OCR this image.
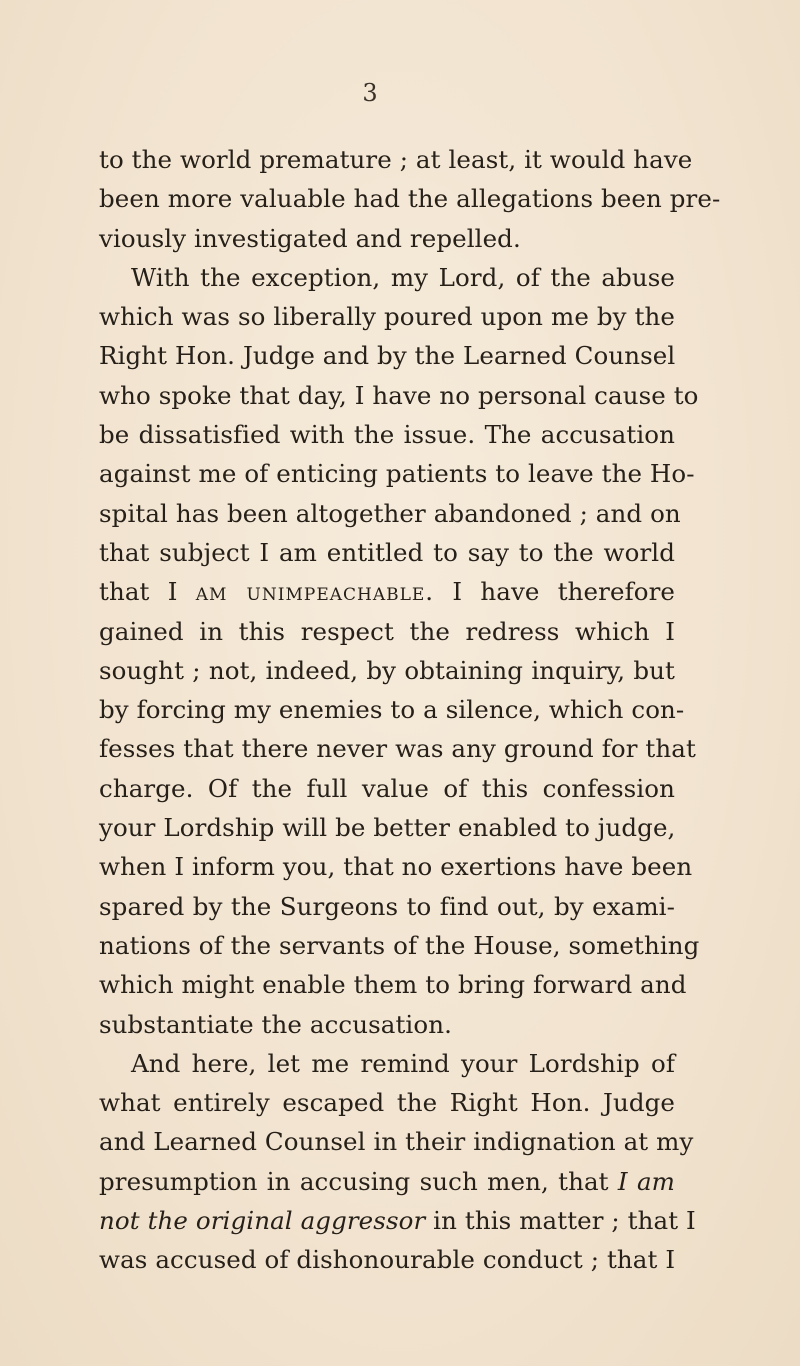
3
to the world premature ; at least, it would have
been more valuable had the allegations been pre-
viously investigated and repelled.
With the exception, my Lord, of the abuse
which was so liberally poured upon me by the
Right Hon. Judge and by the Learned Counsel
who spoke that day, I have no personal cause to
be dissatisfied with the issue. The accusation
against me of enticing patients to leave the Ho-
spital has been altogether abandoned ; and on
that subject I am entitled to say to the world
that I am unimpeachable. I have therefore
gained in this respect the redress which I
sought ; not, indeed, by obtaining inquiry, but
by forcing my enemies to a silence, which con-
fesses that there never was any ground for that
charge. Of the full value of this confession
your Lordship will be better enabled to judge,
when I inform you, that no exertions have been
spared by the Surgeons to find out, by exami-
nations of the servants of the House, something
which might enable them to bring forward and
substantiate the accusation.
And here, let me remind your Lordship of
what entirely escaped the Right Hon. Judge
and Learned Counsel in their indignation at my
presumption in accusing such men, that I am
not the original aggressor in this matter ; that I
was accused of dishonourable conduct ; that I
